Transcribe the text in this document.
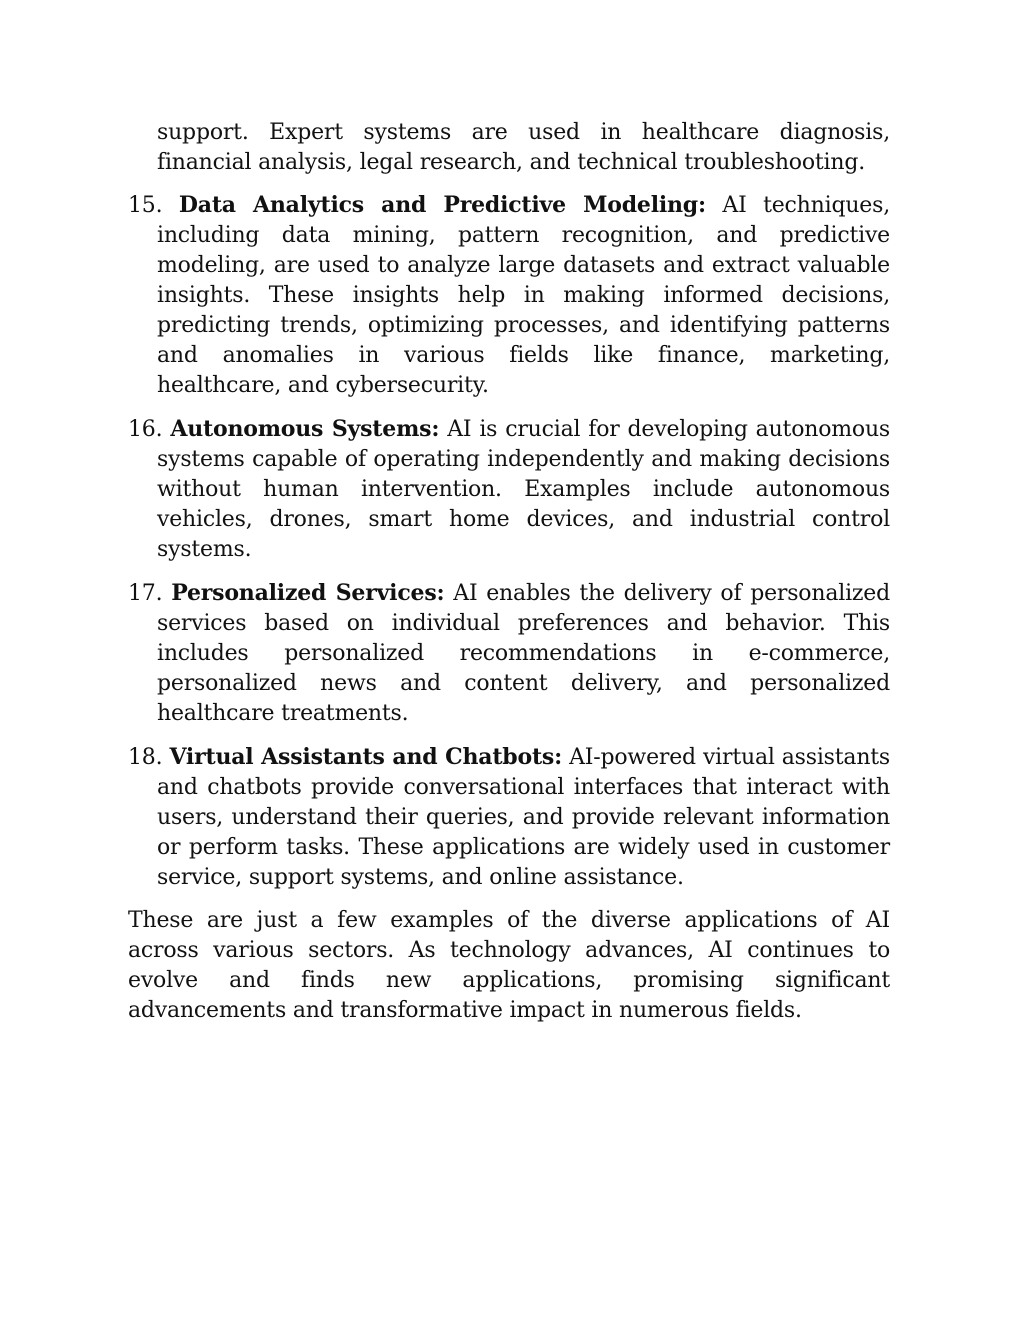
support. Expert systems are used in healthcare diagnosis, financial analysis, legal research, and technical troubleshooting.

15. Data Analytics and Predictive Modeling: AI techniques, including data mining, pattern recognition, and predictive modeling, are used to analyze large datasets and extract valuable insights. These insights help in making informed decisions, predicting trends, optimizing processes, and identifying patterns and anomalies in various fields like finance, marketing, healthcare, and cybersecurity.

16. Autonomous Systems: AI is crucial for developing autonomous systems capable of operating independently and making decisions without human intervention. Examples include autonomous vehicles, drones, smart home devices, and industrial control systems.

17. Personalized Services: AI enables the delivery of personalized services based on individual preferences and behavior. This includes personalized recommendations in e-commerce, personalized news and content delivery, and personalized healthcare treatments.

18. Virtual Assistants and Chatbots: AI-powered virtual assistants and chatbots provide conversational interfaces that interact with users, understand their queries, and provide relevant information or perform tasks. These applications are widely used in customer service, support systems, and online assistance.

These are just a few examples of the diverse applications of AI across various sectors. As technology advances, AI continues to evolve and finds new applications, promising significant advancements and transformative impact in numerous fields.
